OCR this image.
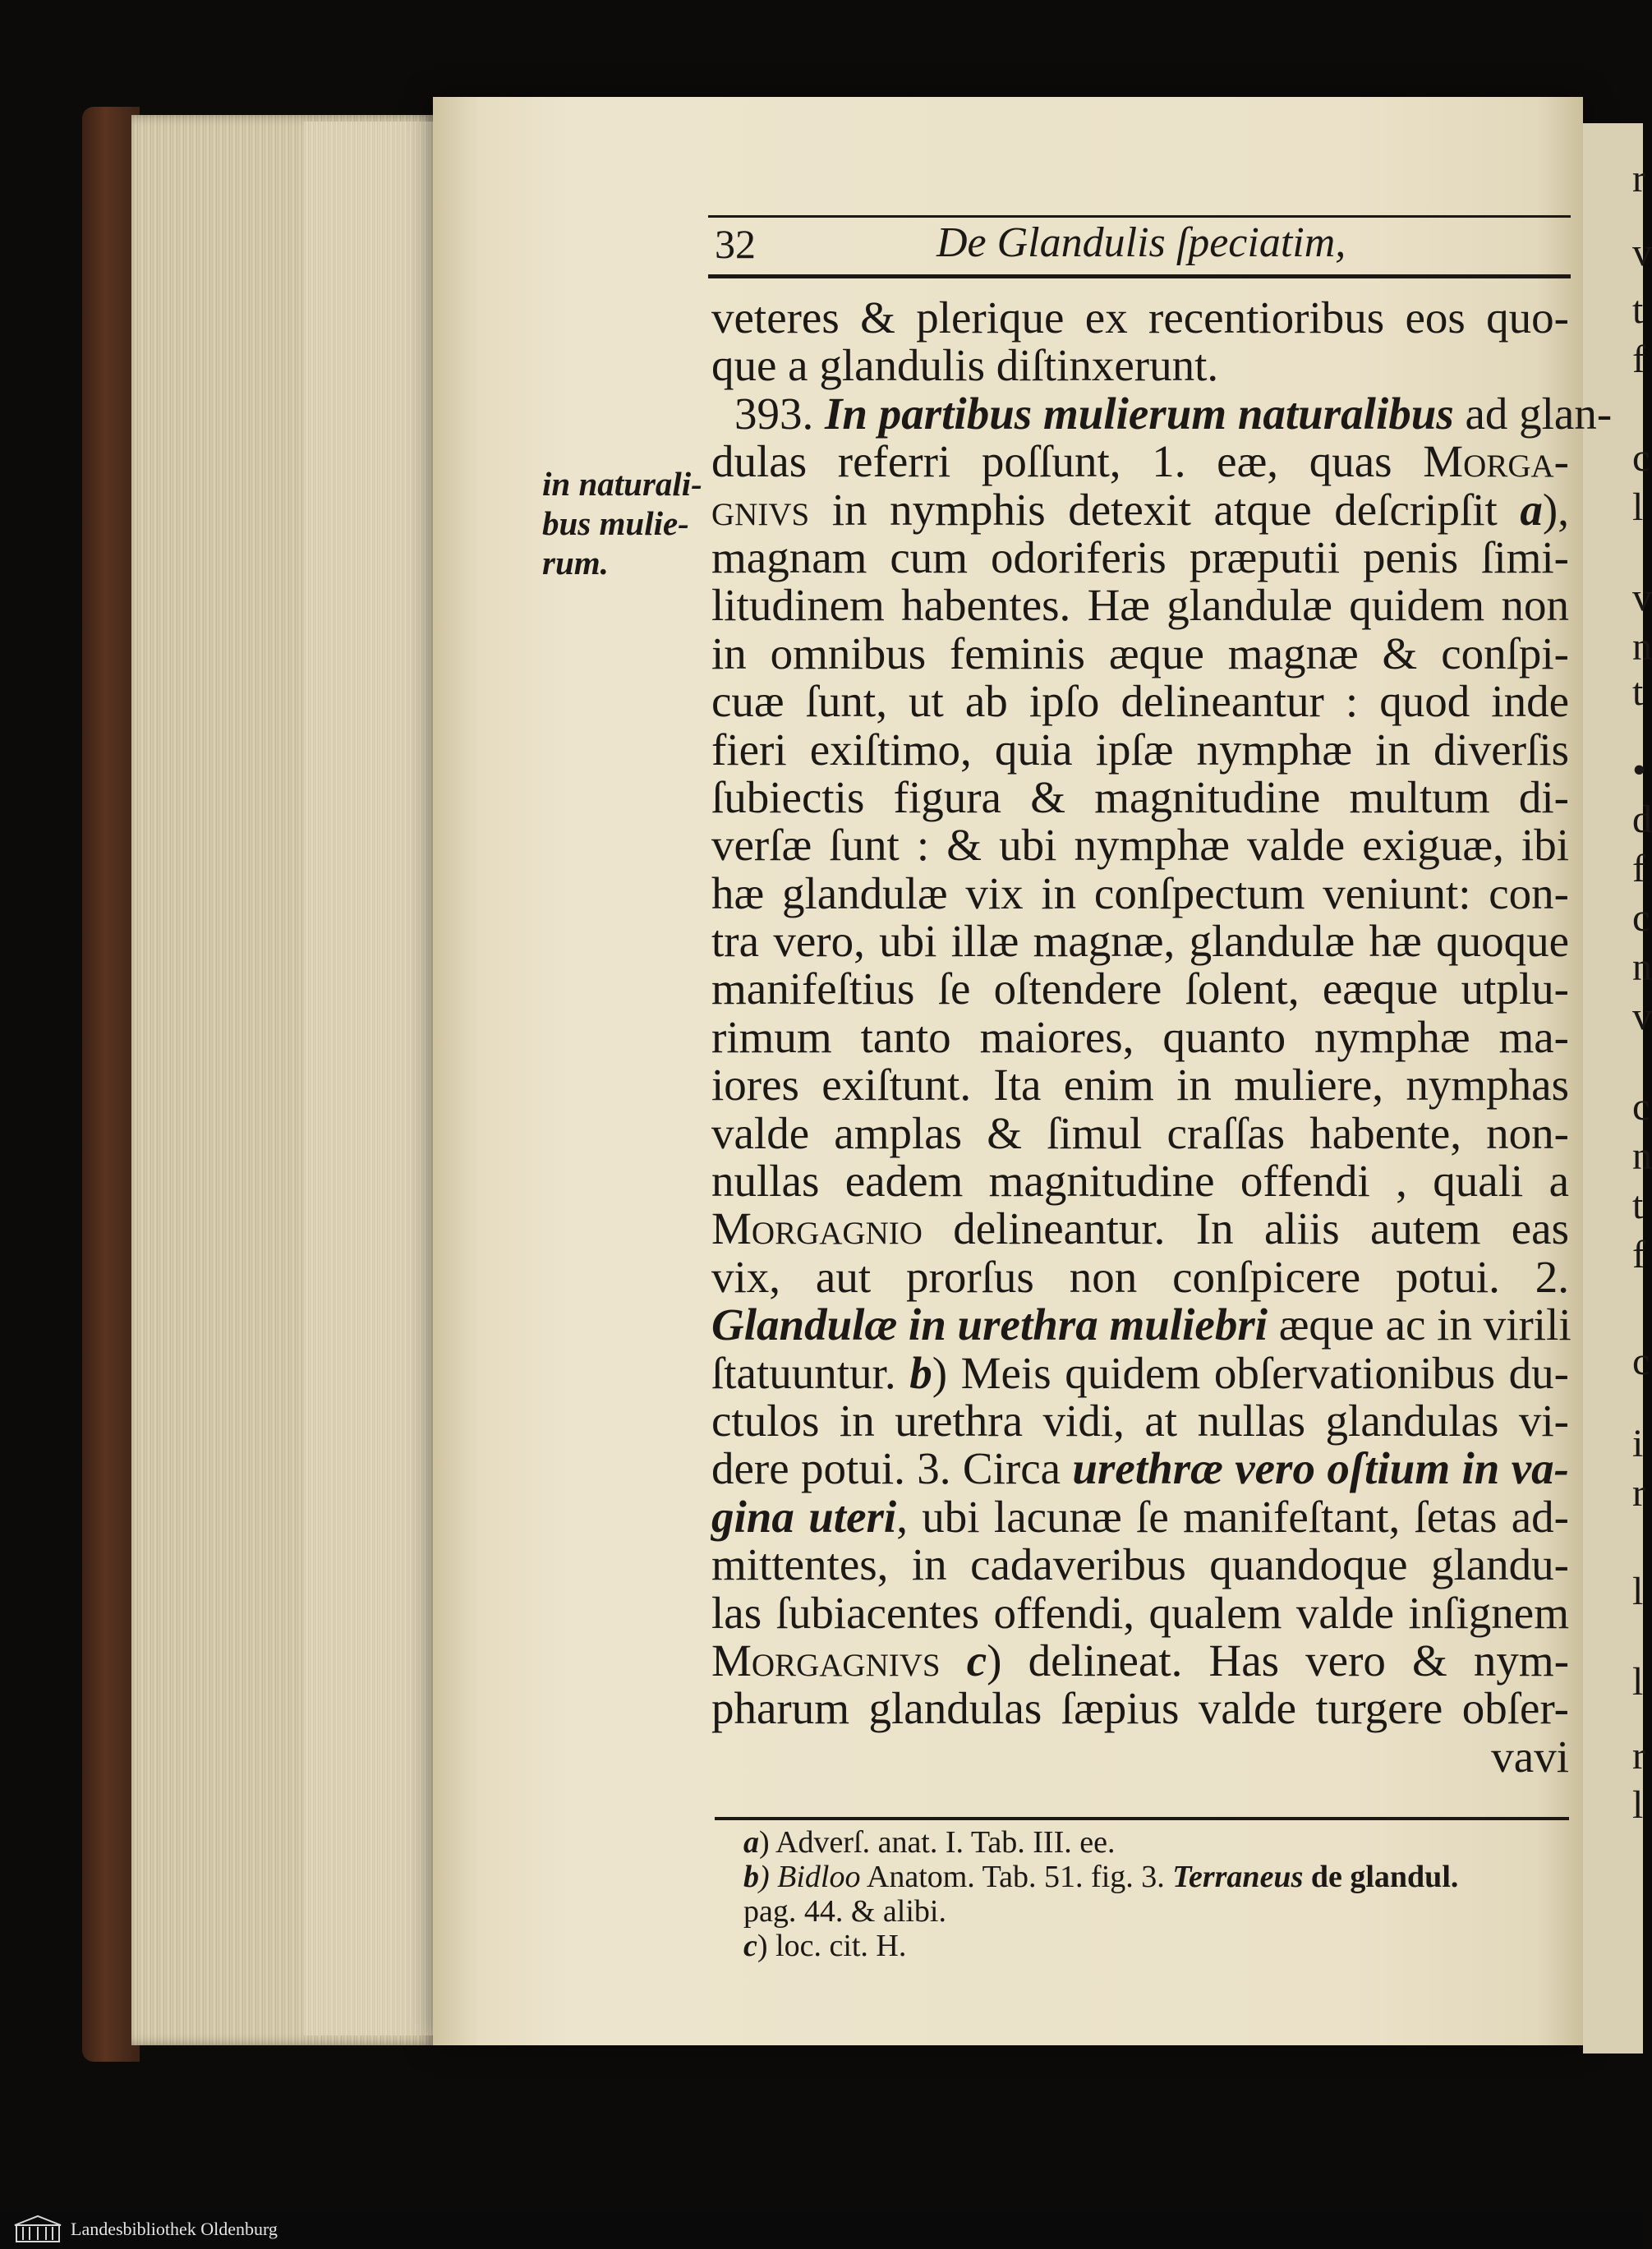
r
v
t
f
c
l
v
n
t
•
d
f
c
n
v
c
n
t
f
c
i
r
l
l
r
l
32	De Glandulis ſpeciatim,
in naturali-
bus mulie-
rum.
veteres & plerique ex recentioribus eos quo-
que a glandulis diſtinxerunt.
393. In partibus mulierum naturalibus ad glan-
dulas referri poſſunt, 1. eæ, quas Morga-
gnivs in nymphis detexit atque deſcripſit a),
magnam cum odoriferis præputii penis ſimi-
litudinem habentes. Hæ glandulæ quidem non
in omnibus feminis æque magnæ & conſpi-
cuæ ſunt, ut ab ipſo delineantur : quod inde
fieri exiſtimo, quia ipſæ nymphæ in diverſis
ſubiectis figura & magnitudine multum di-
verſæ ſunt : & ubi nymphæ valde exiguæ, ibi
hæ glandulæ vix in conſpectum veniunt: con-
tra vero, ubi illæ magnæ, glandulæ hæ quoque
manifeſtius ſe oſtendere ſolent, eæque utplu-
rimum tanto maiores, quanto nymphæ ma-
iores exiſtunt. Ita enim in muliere, nymphas
valde amplas & ſimul craſſas habente, non-
nullas eadem magnitudine offendi , quali a
Morgagnio delineantur. In aliis autem eas
vix, aut prorſus non conſpicere potui. 2.
Glandulæ in urethra muliebri æque ac in virili
ſtatuuntur. b) Meis quidem obſervationibus du-
ctulos in urethra vidi, at nullas glandulas vi-
dere potui. 3. Circa urethræ vero oſtium in va-
gina uteri, ubi lacunæ ſe manifeſtant, ſetas ad-
mittentes, in cadaveribus quandoque glandu-
las ſubiacentes offendi, qualem valde inſignem
Morgagnivs c) delineat. Has vero & nym-
pharum glandulas ſæpius valde turgere obſer-
vavi
a) Adverſ. anat. I. Tab. III. ee.
b) Bidloo Anatom. Tab. 51. fig. 3. Terraneus de glandul.
pag. 44. & alibi.
c) loc. cit. H.
Landesbibliothek Oldenburg
